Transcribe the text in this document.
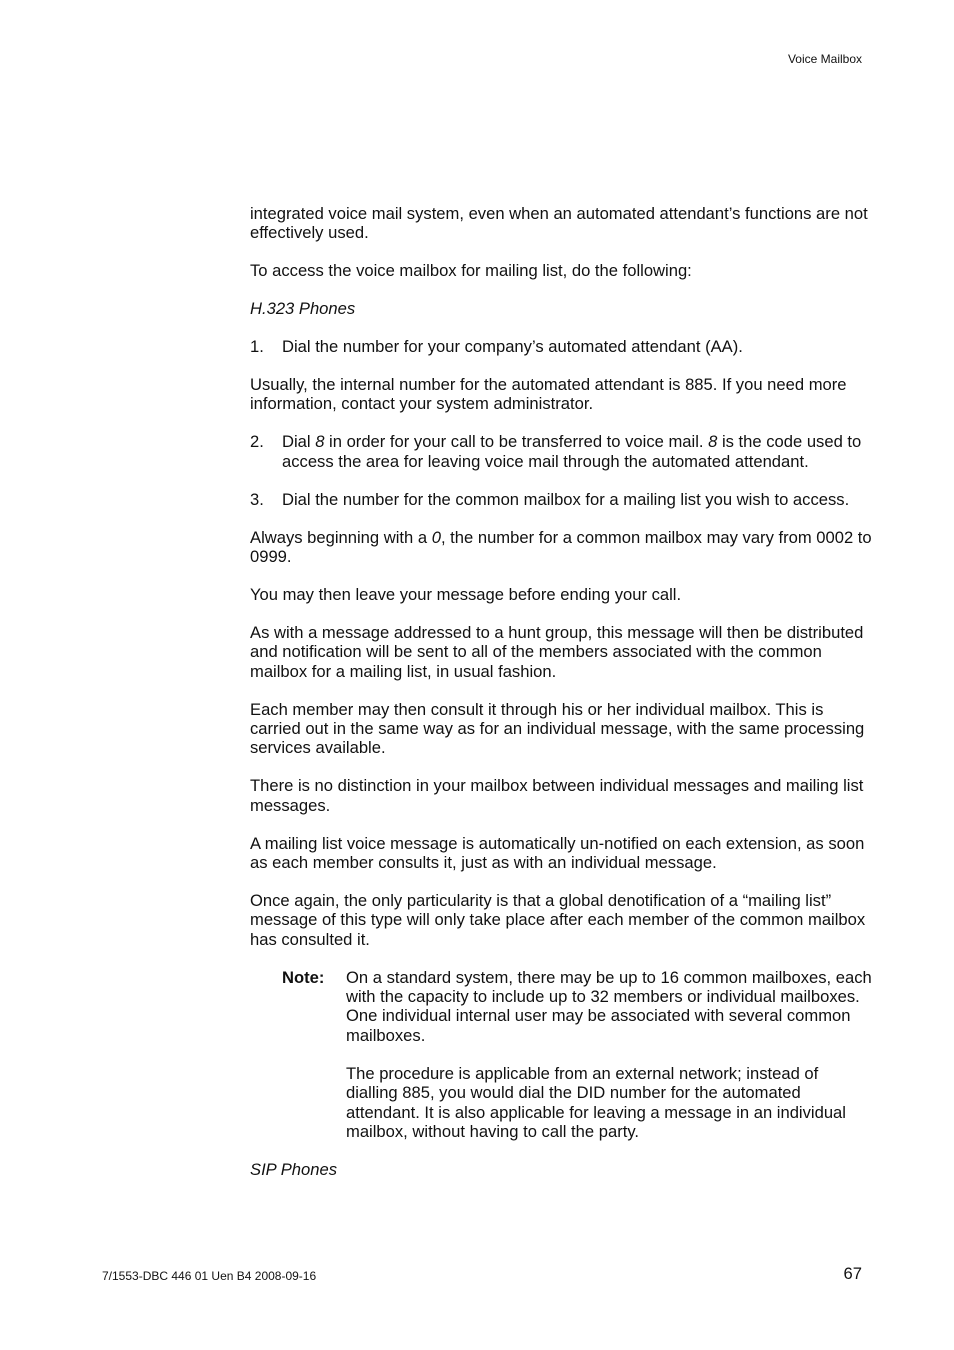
Voice Mailbox

integrated voice mail system, even when an automated attendant’s functions are not effectively used.

To access the voice mailbox for mailing list, do the following:

H.323 Phones

1.	Dial the number for your company’s automated attendant (AA).

Usually, the internal number for the automated attendant is 885. If you need more information, contact your system administrator.

2.	Dial 8 in order for your call to be transferred to voice mail. 8 is the code used to access the area for leaving voice mail through the automated attendant.
3.	Dial the number for the common mailbox for a mailing list you wish to access.

Always beginning with a 0, the number for a common mailbox may vary from 0002 to 0999.

You may then leave your message before ending your call.

As with a message addressed to a hunt group, this message will then be distributed and notification will be sent to all of the members associated with the common mailbox for a mailing list, in usual fashion.

Each member may then consult it through his or her individual mailbox. This is carried out in the same way as for an individual message, with the same processing services available.

There is no distinction in your mailbox between individual messages and mailing list messages.

A mailing list voice message is automatically un-notified on each extension, as soon as each member consults it, just as with an individual message.

Once again, the only particularity is that a global denotification of a “mailing list” message of this type will only take place after each member of the common mailbox has consulted it.

Note:	On a standard system, there may be up to 16 common mailboxes, each with the capacity to include up to 32 members or individual mailboxes. One individual internal user may be associated with several common mailboxes.

The procedure is applicable from an external network; instead of dialling 885, you would dial the DID number for the automated attendant. It is also applicable for leaving a message in an individual mailbox, without having to call the party.

SIP Phones

7/1553-DBC 446 01 Uen B4 2008-09-16	67
